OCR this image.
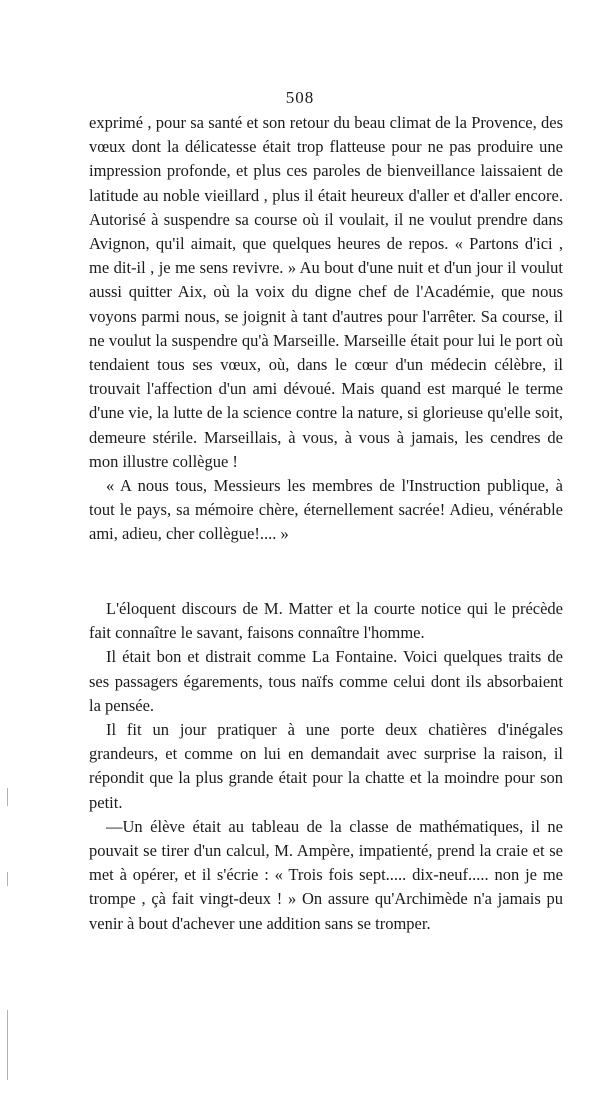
508

exprimé , pour sa santé et son retour du beau climat de la Provence, des vœux dont la délicatesse était trop flatteuse pour ne pas produire une impression profonde, et plus ces paroles de bienveillance laissaient de latitude au noble vieillard , plus il était heureux d'aller et d'aller encore. Autorisé à suspendre sa course où il voulait, il ne voulut prendre dans Avignon, qu'il aimait, que quelques heures de repos. « Partons d'ici , me dit-il , je me sens revivre. » Au bout d'une nuit et d'un jour il voulut aussi quitter Aix, où la voix du digne chef de l'Académie, que nous voyons parmi nous, se joignit à tant d'autres pour l'arrêter. Sa course, il ne voulut la suspendre qu'à Marseille. Marseille était pour lui le port où tendaient tous ses vœux, où, dans le cœur d'un médecin célèbre, il trouvait l'affection d'un ami dévoué. Mais quand est marqué le terme d'une vie, la lutte de la science contre la nature, si glorieuse qu'elle soit, demeure stérile. Marseillais, à vous, à vous à jamais, les cendres de mon illustre collègue !

« A nous tous, Messieurs les membres de l'Instruction publique, à tout le pays, sa mémoire chère, éternellement sacrée! Adieu, vénérable ami, adieu, cher collègue!.... »

L'éloquent discours de M. Matter et la courte notice qui le précède fait connaître le savant, faisons connaître l'homme.

Il était bon et distrait comme La Fontaine. Voici quelques traits de ses passagers égarements, tous naïfs comme celui dont ils absorbaient la pensée.

Il fit un jour pratiquer à une porte deux chatières d'inégales grandeurs, et comme on lui en demandait avec surprise la raison, il répondit que la plus grande était pour la chatte et la moindre pour son petit.

—Un élève était au tableau de la classe de mathématiques, il ne pouvait se tirer d'un calcul, M. Ampère, impatienté, prend la craie et se met à opérer, et il s'écrie : « Trois fois sept..... dix-neuf..... non je me trompe , çà fait vingt-deux ! » On assure qu'Archimède n'a jamais pu venir à bout d'achever une addition sans se tromper.
